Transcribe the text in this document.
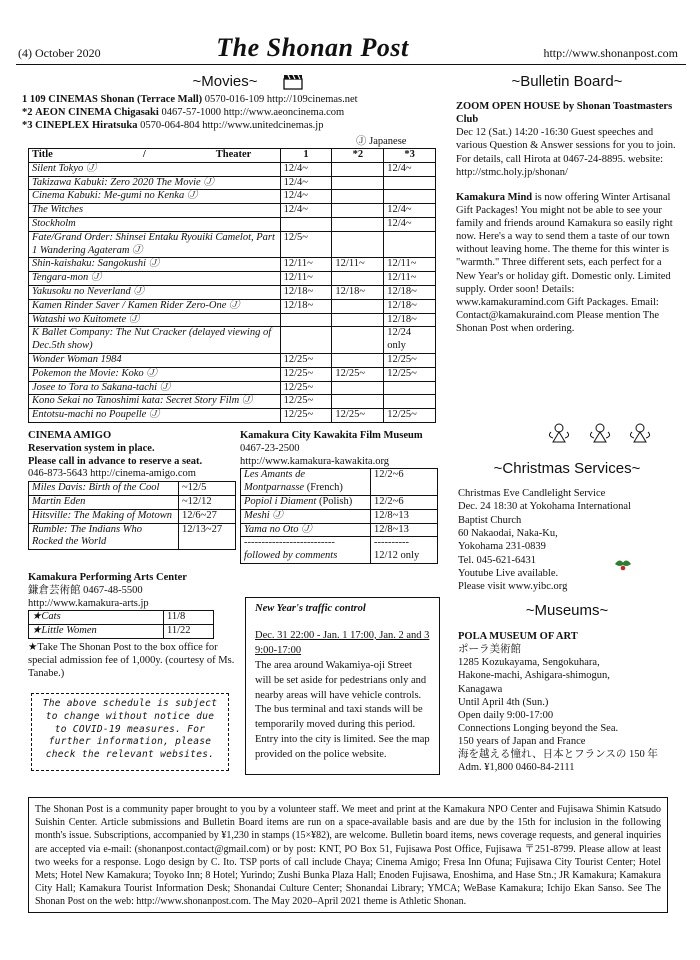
(4) October 2020	The Shonan Post	http://www.shonanpost.com
~Movies~
1 109 CINEMAS Shonan (Terrace Mall) 0570-016-109 http://109cinemas.net
*2 AEON CINEMA Chigasaki 0467-57-1000 http://www.aeoncinema.com
*3 CINEPLEX Hiratsuka 0570-064-804 http://www.unitedcinemas.jp
Ⓙ Japanese
Title / Theater	1	*2	*3
Silent Tokyo Ⓙ	12/4~		12/4~
Takizawa Kabuki: Zero 2020 The Movie Ⓙ	12/4~		
Cinema Kabuki: Me-gumi no Kenka Ⓙ	12/4~		
The Witches	12/4~		12/4~
Stockholm			12/4~
Fate/Grand Order: Shinsei Entaku Ryouiki Camelot, Part 1 Wandering Agateram Ⓙ	12/5~		
Shin-kaishaku: Sangokushi Ⓙ	12/11~	12/11~	12/11~
Tengara-mon Ⓙ	12/11~		12/11~
Yakusoku no Neverland Ⓙ	12/18~	12/18~	12/18~
Kamen Rinder Saver / Kamen Rider Zero-One Ⓙ	12/18~		12/18~
Watashi wo Kuitomete Ⓙ			12/18~
K Ballet Company: The Nut Cracker (delayed viewing of Dec.5th show)			12/24 only
Wonder Woman 1984	12/25~		12/25~
Pokemon the Movie: Koko Ⓙ	12/25~	12/25~	12/25~
Josee to Tora to Sakana-tachi Ⓙ	12/25~		
Kono Sekai no Tanoshimi kata: Secret Story Film Ⓙ	12/25~		
Entotsu-machi no Poupelle Ⓙ	12/25~	12/25~	12/25~
CINEMA AMIGO
Reservation system in place.
Please call in advance to reserve a seat.
046-873-5643 http://cinema-amigo.com
Miles Davis: Birth of the Cool	~12/5
Martin Eden	~12/12
Hitsville: The Making of Motown	12/6~27
Rumble: The Indians Who Rocked the World	12/13~27
Kamakura City Kawakita Film Museum
0467-23-2500
http://www.kamakura-kawakita.org
Les Amants de Montparnasse (French)	12/2~6
Popiol i Diament (Polish)	12/2~6
Meshi Ⓙ	12/8~13
Yama no Oto Ⓙ	12/8~13
-------------------------- followed by comments	---------- 12/12 only
Kamakura Performing Arts Center
鎌倉芸術館 0467-48-5500
http://www.kamakura-arts.jp
★Cats	11/8
★Little Women	11/22
★Take The Shonan Post to the box office for special admission fee of 1,000y. (courtesy of Ms. Tanabe.)
The above schedule is subject to change without notice due to COVID-19 measures. For further information, please check the relevant websites.
New Year's traffic control
Dec. 31 22:00 - Jan. 1 17:00, Jan. 2 and 3 9:00-17:00
The area around Wakamiya-oji Street will be set aside for pedestrians only and nearby areas will have vehicle controls. The bus terminal and taxi stands will be temporarily moved during this period. Entry into the city is limited. See the map provided on the police website.
~Bulletin Board~
ZOOM OPEN HOUSE by Shonan Toastmasters Club
Dec 12 (Sat.) 14:20 -16:30 Guest speeches and various Question & Answer sessions for you to join. For details, call Hirota at 0467-24-8895. website: http://stmc.holy.jp/shonan/
Kamakura Mind is now offering Winter Artisanal Gift Packages! You might not be able to see your family and friends around Kamakura so easily right now. Here's a way to send them a taste of our town without leaving home. The theme for this winter is "warmth." Three different sets, each perfect for a New Year's or holiday gift. Domestic only. Limited supply. Order soon! Details: www.kamakuramind.com Gift Packages. Email: Contact@kamakuraind.com Please mention The Shonan Post when ordering.
~Christmas Services~
Christmas Eve Candlelight Service
Dec. 24 18:30 at Yokohama International
Baptist Church
60 Nakaodai, Naka-Ku,
Yokohama 231-0839
Tel. 045-621-6431
Youtube Live available.
Please visit www.yibc.org
~Museums~
POLA MUSEUM OF ART
ポーラ美術館
1285 Kozukayama, Sengokuhara,
Hakone-machi, Ashigara-shimogun,
Kanagawa
Until April 4th (Sun.)
Open daily 9:00-17:00
Connections Longing beyond the Sea.
150 years of Japan and France
海を越える憧れ、日本とフランスの 150 年
Adm. ¥1,800 0460-84-2111
The Shonan Post is a community paper brought to you by a volunteer staff. We meet and print at the Kamakura NPO Center and Fujisawa Shimin Katsudo Suishin Center. Article submissions and Bulletin Board items are run on a space-available basis and are due by the 15th for inclusion in the following month's issue. Subscriptions, accompanied by ¥1,230 in stamps (15×¥82), are welcome. Bulletin board items, news coverage requests, and general inquiries are accepted via e-mail: (shonanpost.contact@gmail.com) or by post: KNT, PO Box 51, Fujisawa Post Office, Fujisawa 〒251-8799. Please allow at least two weeks for a response. Logo design by C. Ito. TSP ports of call include Chaya; Cinema Amigo; Fresa Inn Ofuna; Fujisawa City Tourist Center; Hotel Mets; Hotel New Kamakura; Toyoko Inn; 8 Hotel; Yurindo; Zushi Bunka Plaza Hall; Enoden Fujisawa, Enoshima, and Hase Stn.; JR Kamakura; Kamakura City Hall; Kamakura Tourist Information Desk; Shonandai Culture Center; Shonandai Library; YMCA; WeBase Kamakura; Ichijo Ekan Sanso. See The Shonan Post on the web: http://www.shonanpost.com. The May 2020–April 2021 theme is Athletic Shonan.
